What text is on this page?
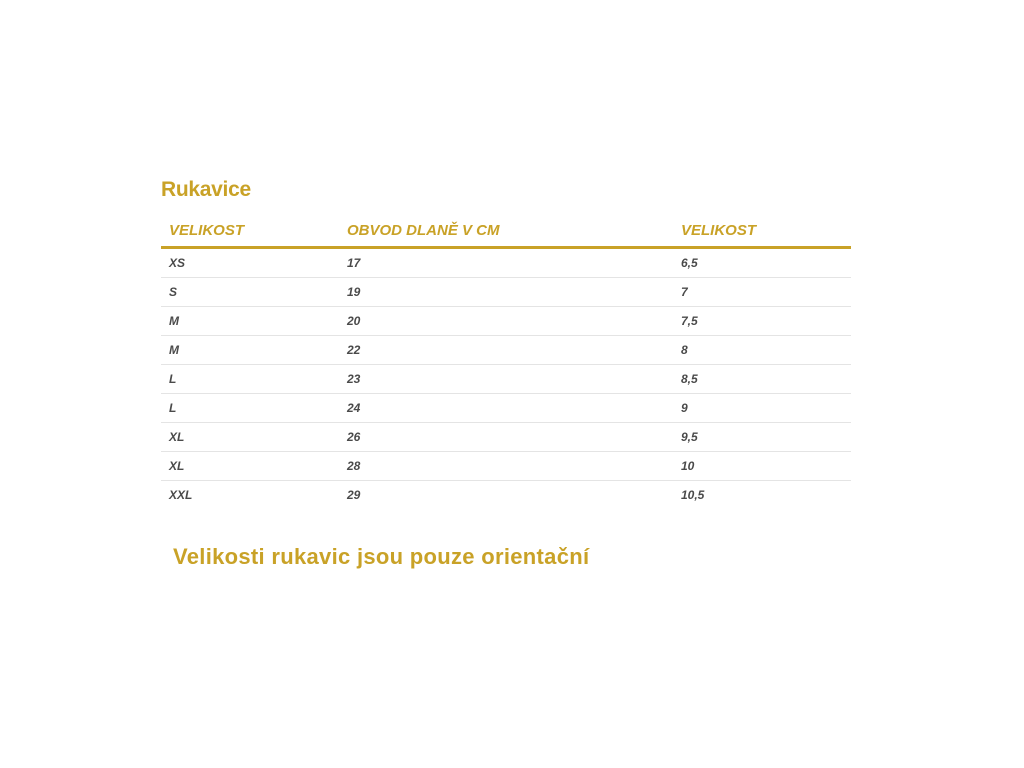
Rukavice
VELIKOST	OBVOD DLANĚ V CM	VELIKOST
XS	17	6,5
S	19	7
M	20	7,5
M	22	8
L	23	8,5
L	24	9
XL	26	9,5
XL	28	10
XXL	29	10,5

Velikosti rukavic jsou pouze orientační
